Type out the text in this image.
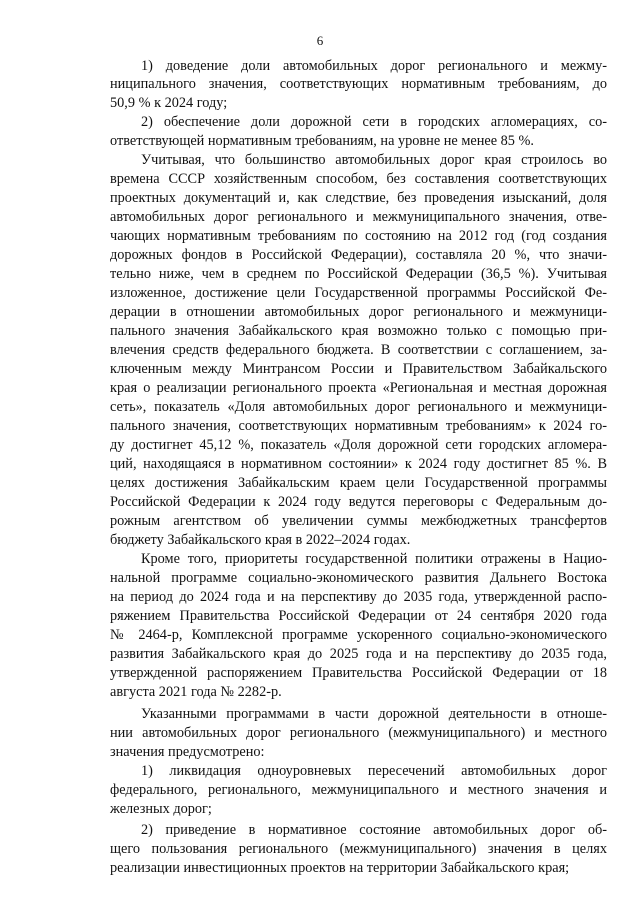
6
1) доведение доли автомобильных дорог регионального и межму-
ниципального значения, соответствующих нормативным требованиям, до
50,9 % к 2024 году;
2) обеспечение доли дорожной сети в городских агломерациях, со-
ответствующей нормативным требованиям, на уровне не менее 85 %.
Учитывая, что большинство автомобильных дорог края строилось во
времена СССР хозяйственным способом, без составления соответствующих
проектных документаций и, как следствие, без проведения изысканий, доля
автомобильных дорог регионального и межмуниципального значения, отве-
чающих нормативным требованиям по состоянию на 2012 год (год создания
дорожных фондов в Российской Федерации), составляла 20 %, что значи-
тельно ниже, чем в среднем по Российской Федерации (36,5 %). Учитывая
изложенное, достижение цели Государственной программы Российской Фе-
дерации в отношении автомобильных дорог регионального и межмуници-
пального значения Забайкальского края возможно только с помощью при-
влечения средств федерального бюджета. В соответствии с соглашением, за-
ключенным между Минтрансом России и Правительством Забайкальского
края о реализации регионального проекта «Региональная и местная дорожная
сеть», показатель «Доля автомобильных дорог регионального и межмуници-
пального значения, соответствующих нормативным требованиям» к 2024 го-
ду достигнет 45,12 %, показатель «Доля дорожной сети городских агломера-
ций, находящаяся в нормативном состоянии» к 2024 году достигнет 85 %. В
целях достижения Забайкальским краем цели Государственной программы
Российской Федерации к 2024 году ведутся переговоры с Федеральным до-
рожным агентством об увеличении суммы межбюджетных трансфертов
бюджету Забайкальского края в 2022–2024 годах.
Кроме того, приоритеты государственной политики отражены в Нацио-
нальной программе социально-экономического развития Дальнего Востока
на период до 2024 года и на перспективу до 2035 года, утвержденной распо-
ряжением Правительства Российской Федерации от 24 сентября 2020 года
№ 2464-р, Комплексной программе ускоренного социально-экономического
развития Забайкальского края до 2025 года и на перспективу до 2035 года,
утвержденной распоряжением Правительства Российской Федерации от 18
августа 2021 года № 2282-р.
Указанными программами в части дорожной деятельности в отноше-
нии автомобильных дорог регионального (межмуниципального) и местного
значения предусмотрено:
1) ликвидация одноуровневых пересечений автомобильных дорог
федерального, регионального, межмуниципального и местного значения и
железных дорог;
2) приведение в нормативное состояние автомобильных дорог об-
щего пользования регионального (межмуниципального) значения в целях
реализации инвестиционных проектов на территории Забайкальского края;
